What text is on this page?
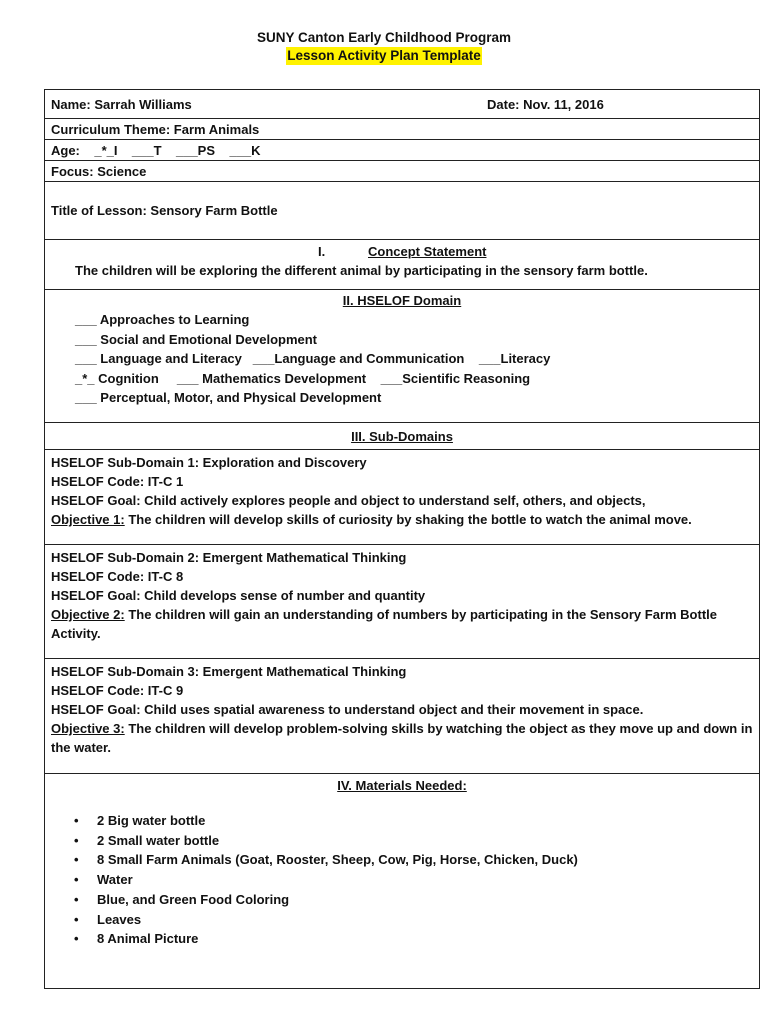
SUNY Canton Early Childhood Program
Lesson Activity Plan Template
Name: Sarrah Williams	Date: Nov. 11, 2016
Curriculum Theme: Farm Animals
Age:    _*_I    ___T    ___PS    ___K
Focus: Science
Title of Lesson: Sensory Farm Bottle
I.	Concept Statement
The children will be exploring the different animal by participating in the sensory farm bottle.
II. HSELOF Domain
___ Approaches to Learning
___ Social and Emotional Development
___ Language and Literacy   ___Language and Communication    ___Literacy
_*_ Cognition     ___ Mathematics Development    ___Scientific Reasoning
___ Perceptual, Motor, and Physical Development
III. Sub-Domains
HSELOF Sub-Domain 1: Exploration and Discovery
HSELOF Code: IT-C 1
HSELOF Goal: Child actively explores people and object to understand self, others, and objects,
Objective 1: The children will develop skills of curiosity by shaking the bottle to watch the animal move.
HSELOF Sub-Domain 2: Emergent Mathematical Thinking
HSELOF Code: IT-C 8
HSELOF Goal: Child develops sense of number and quantity
Objective 2: The children will gain an understanding of numbers by participating in the Sensory Farm Bottle Activity.
HSELOF Sub-Domain 3: Emergent Mathematical Thinking
HSELOF Code: IT-C 9
HSELOF Goal: Child uses spatial awareness to understand object and their movement in space.
Objective 3: The children will develop problem-solving skills by watching the object as they move up and down in the water.
IV. Materials Needed:
• 2 Big water bottle
• 2 Small water bottle
• 8 Small Farm Animals (Goat, Rooster, Sheep, Cow, Pig, Horse, Chicken, Duck)
• Water
• Blue, and Green Food Coloring
• Leaves
• 8 Animal Picture
